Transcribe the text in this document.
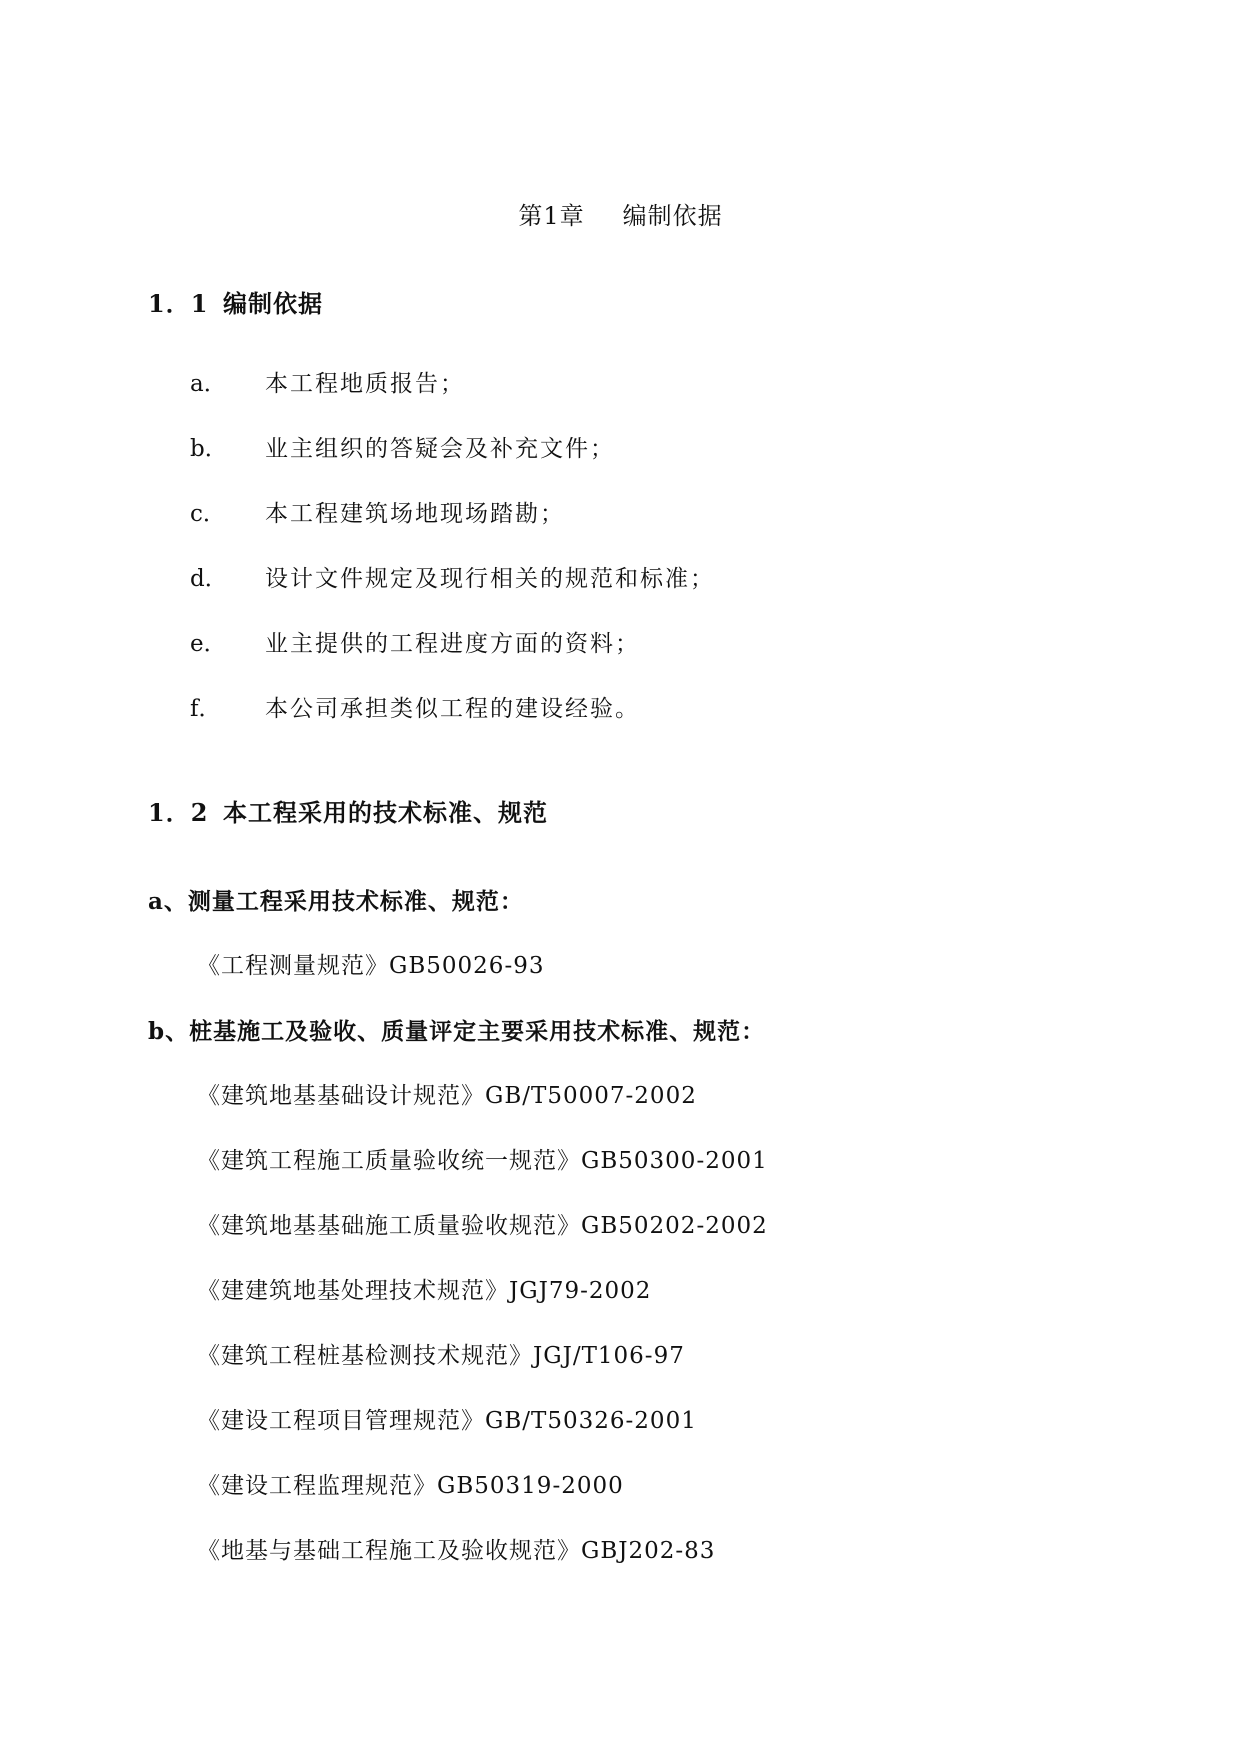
第1章 编制依据
1．1 编制依据
a． 本工程地质报告；
b． 业主组织的答疑会及补充文件；
c． 本工程建筑场地现场踏勘；
d． 设计文件规定及现行相关的规范和标准；
e． 业主提供的工程进度方面的资料；
f． 本公司承担类似工程的建设经验。
1．2 本工程采用的技术标准、规范
a、测量工程采用技术标准、规范：
《工程测量规范》GB50026-93
b、桩基施工及验收、质量评定主要采用技术标准、规范：
《建筑地基基础设计规范》GB/T50007-2002
《建筑工程施工质量验收统一规范》GB50300-2001
《建筑地基基础施工质量验收规范》GB50202-2002
《建建筑地基处理技术规范》JGJ79-2002
《建筑工程桩基检测技术规范》JGJ/T106-97
《建设工程项目管理规范》GB/T50326-2001
《建设工程监理规范》GB50319-2000
《地基与基础工程施工及验收规范》GBJ202-83
